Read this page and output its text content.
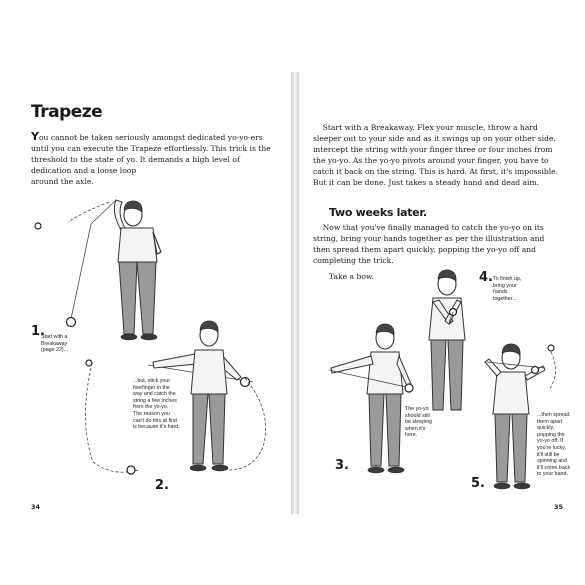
Trapeze

You cannot be taken seriously amongst dedicated yo-yo-ers
until you can execute the Trapeze effortlessly. This trick is the
threshold to the state of yo. It demands a high level of
dedication and a loose loop
around the axle.

1.
Start with a
Breakaway
(page 22)...
...but, stick your
forefinger in the
way and catch the
string a few inches
from the yo-yo.
The reason you
can't do this at first
is because it's hard.
2.
34

Start with a Breakaway. Flex your muscle, throw a hard
sleeper out to your side and as it swings up on your other side,
intercept the string with your finger three or four inches from
the yo-yo. As the yo-yo pivots around your finger, you have to
catch it back on the string. This is hard. At first, it's impossible.
But it can be done. Just takes a steady hand and dead aim.

Two weeks later.

Now that you've finally managed to catch the yo-yo on its
string, bring your hands together as per the illustration and
then spread them apart quickly, popping the yo-yo off and
completing the trick.

Take a bow.	4. To finish up,
bring your
hands
together...
The yo-yo
should still
be sleeping
when it's
here.
3.
...then spread
them apart
quickly,
popping the
yo-yo off. If
you're lucky,
it'll still be
spinning and
it'll come back
to your hand.
5.
35
